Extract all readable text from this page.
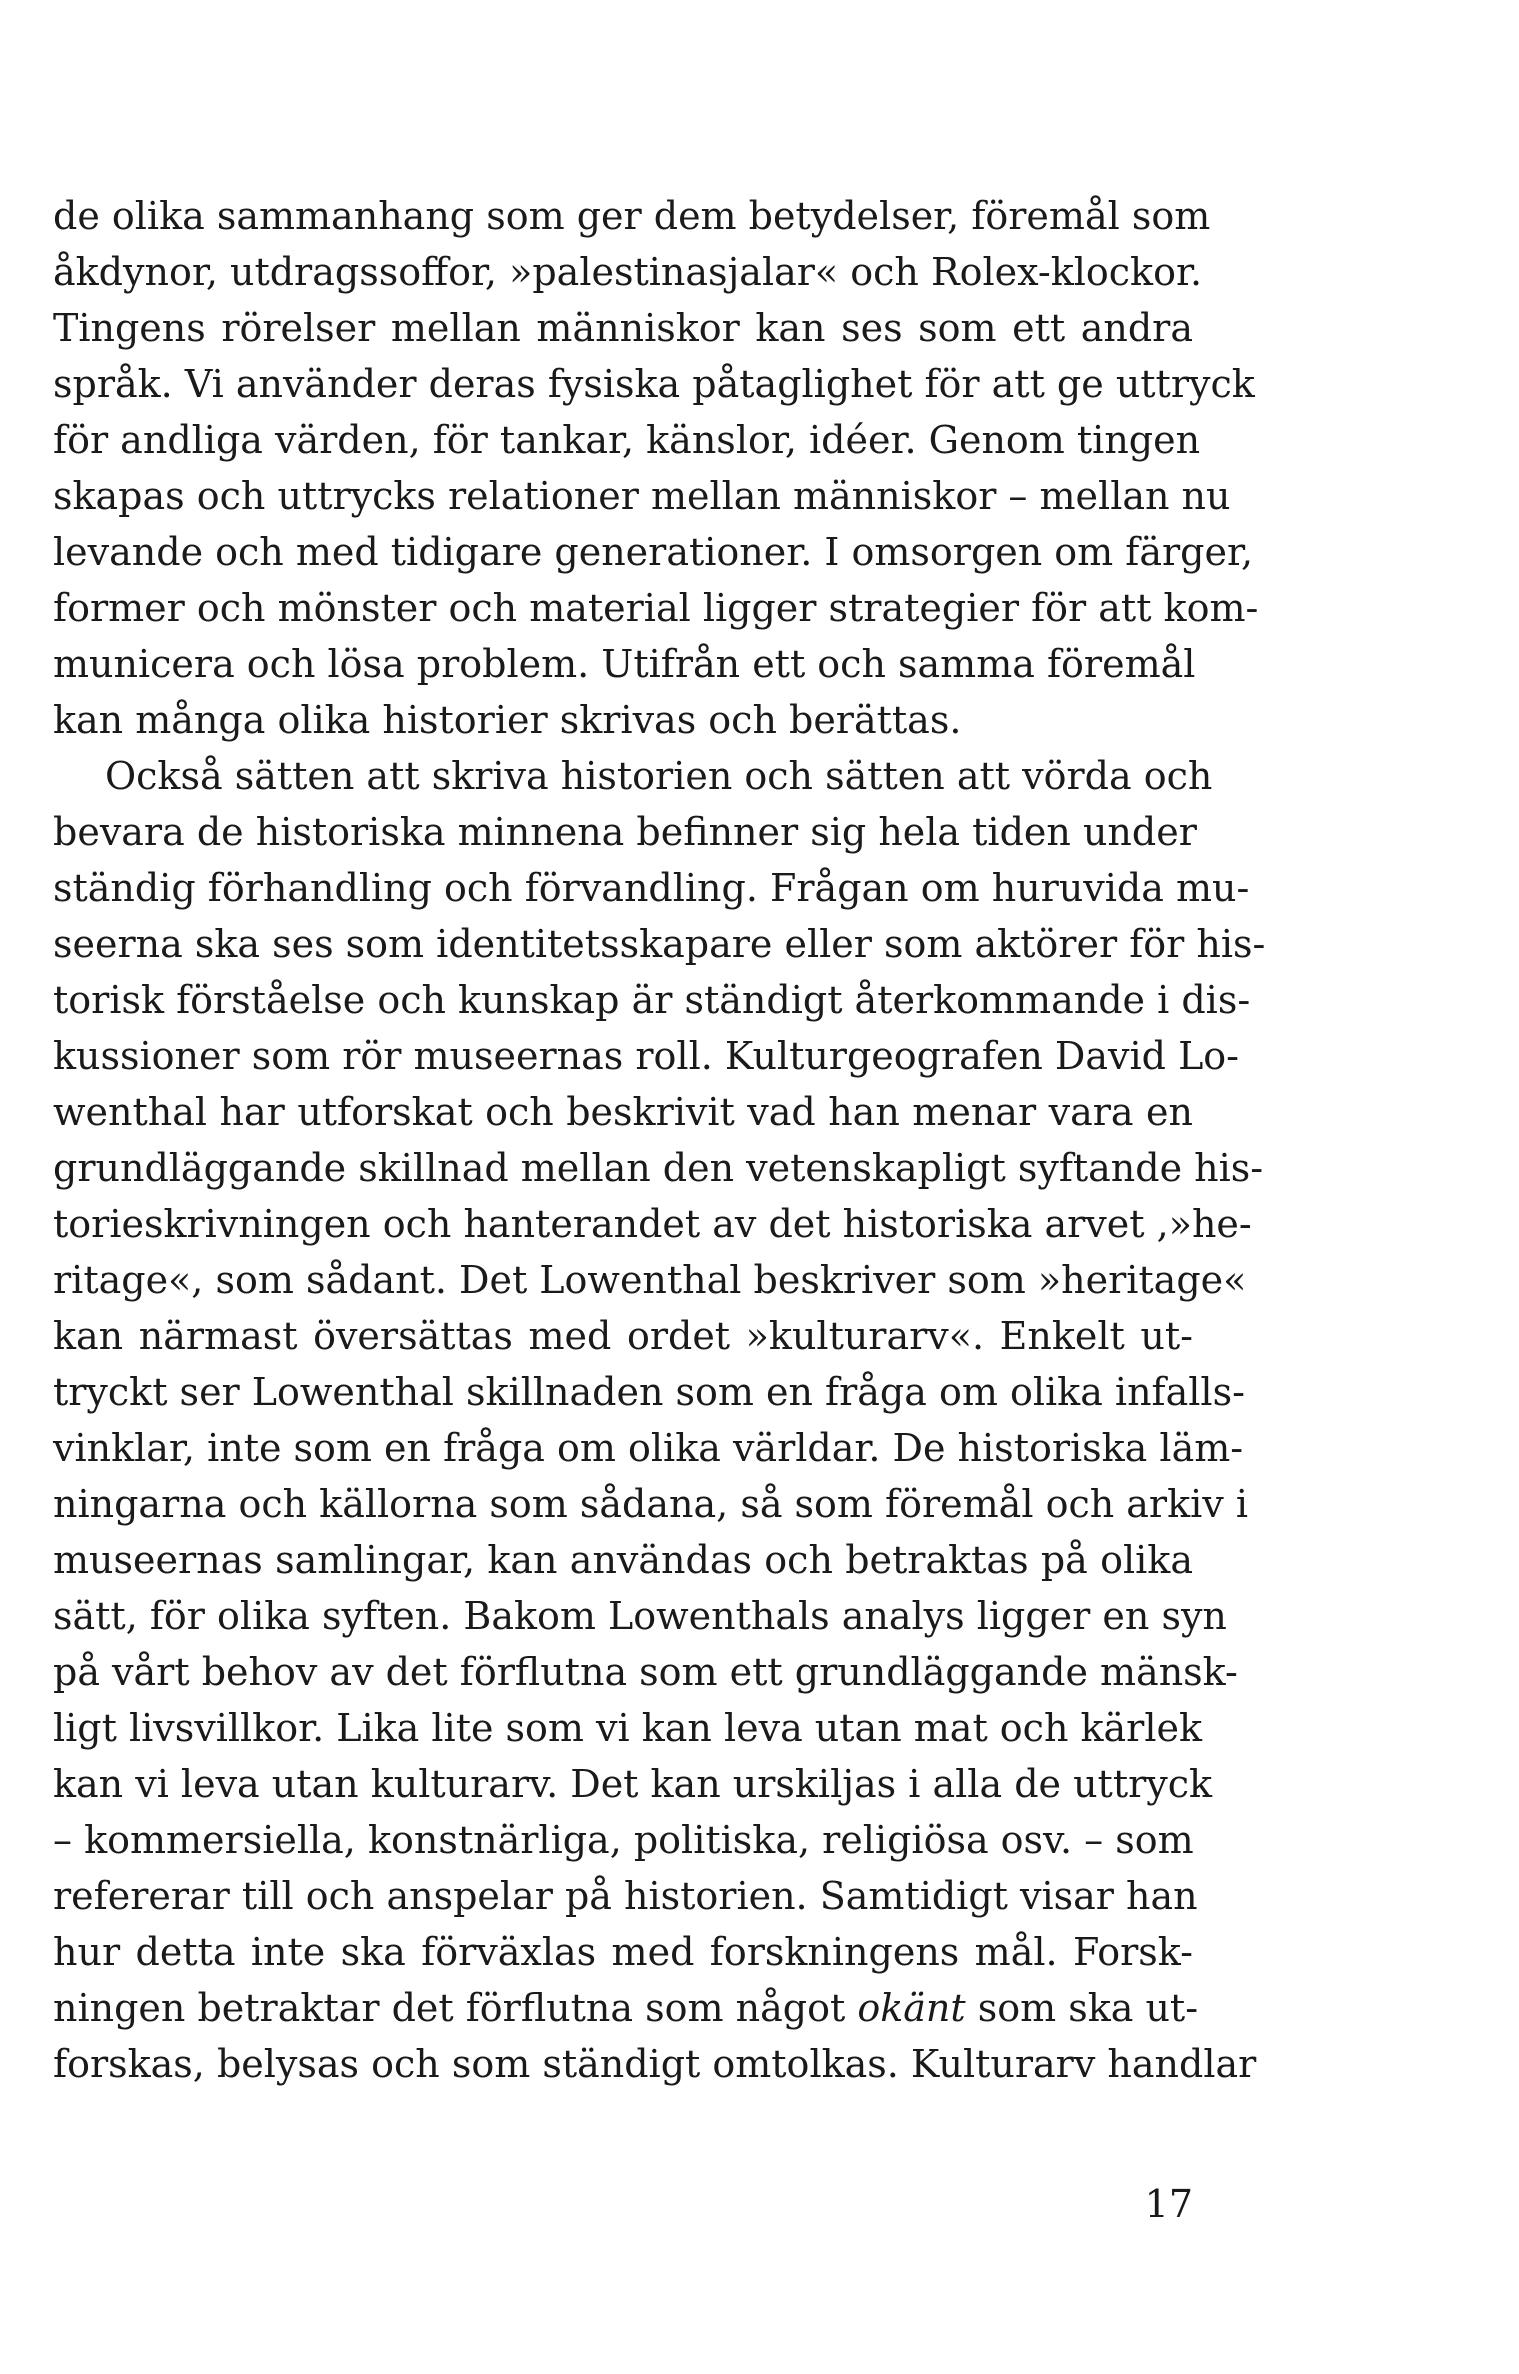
de olika sammanhang som ger dem betydelser, föremål som
åkdynor, utdragssoffor, »palestinasjalar« och Rolex-klockor.
Tingens rörelser mellan människor kan ses som ett andra
språk. Vi använder deras fysiska påtaglighet för att ge uttryck
för andliga värden, för tankar, känslor, idéer. Genom tingen
skapas och uttrycks relationer mellan människor – mellan nu
levande och med tidigare generationer. I omsorgen om färger,
former och mönster och material ligger strategier för att kom-
municera och lösa problem. Utifrån ett och samma föremål
kan många olika historier skrivas och berättas.
Också sätten att skriva historien och sätten att vörda och
bevara de historiska minnena befinner sig hela tiden under
ständig förhandling och förvandling. Frågan om huruvida mu-
seerna ska ses som identitetsskapare eller som aktörer för his-
torisk förståelse och kunskap är ständigt återkommande i dis-
kussioner som rör museernas roll. Kulturgeografen David Lo-
wenthal har utforskat och beskrivit vad han menar vara en
grundläggande skillnad mellan den vetenskapligt syftande his-
torieskrivningen och hanterandet av det historiska arvet ,»he-
ritage«, som sådant. Det Lowenthal beskriver som »heritage«
kan närmast översättas med ordet »kulturarv«. Enkelt ut-
tryckt ser Lowenthal skillnaden som en fråga om olika infalls-
vinklar, inte som en fråga om olika världar. De historiska läm-
ningarna och källorna som sådana, så som föremål och arkiv i
museernas samlingar, kan användas och betraktas på olika
sätt, för olika syften. Bakom Lowenthals analys ligger en syn
på vårt behov av det förflutna som ett grundläggande mänsk-
ligt livsvillkor. Lika lite som vi kan leva utan mat och kärlek
kan vi leva utan kulturarv. Det kan urskiljas i alla de uttryck
– kommersiella, konstnärliga, politiska, religiösa osv. – som
refererar till och anspelar på historien. Samtidigt visar han
hur detta inte ska förväxlas med forskningens mål. Forsk-
ningen betraktar det förflutna som något okänt som ska ut-
forskas, belysas och som ständigt omtolkas. Kulturarv handlar
17
